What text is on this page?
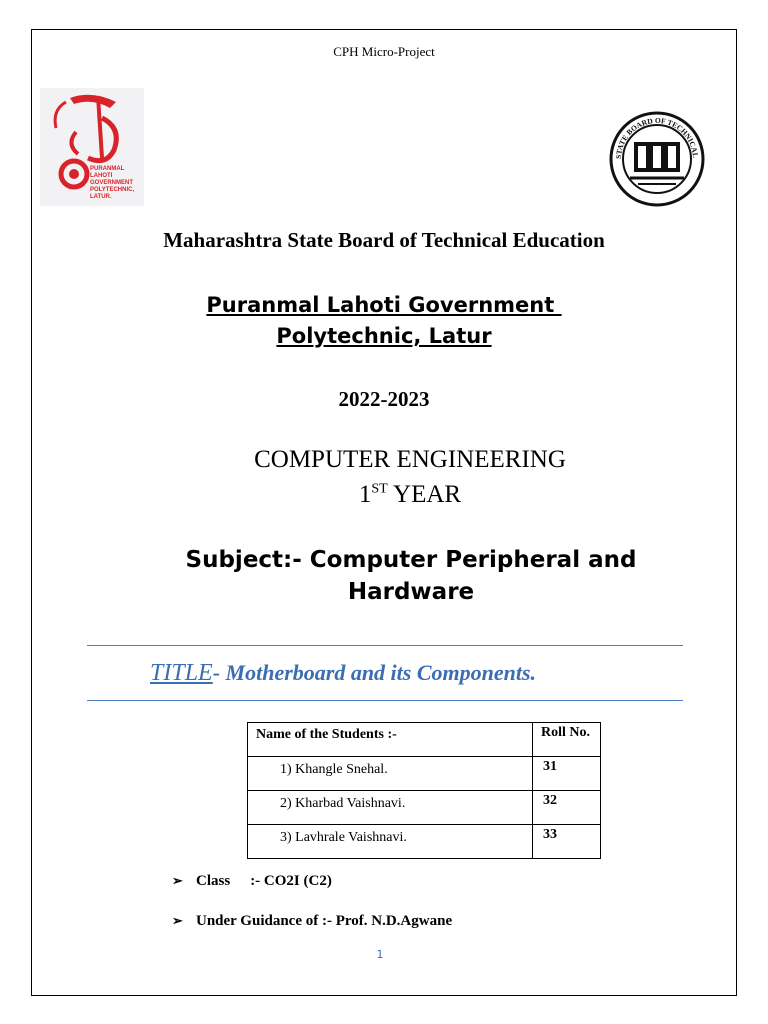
CPH Micro-Project
PURANMAL
LAHOTI
GOVERNMENT
POLYTECHNIC,
LATUR.
STATE BOARD OF TECHNICAL
Maharashtra State Board of Technical Education
Puranmal Lahoti Government
Polytechnic, Latur
2022-2023
COMPUTER ENGINEERING
1ST YEAR
Subject:- Computer Peripheral and
Hardware
TITLE- Motherboard and its Components.
Name of the Students :-	Roll No.
1) Khangle Snehal.	31
2) Kharbad Vaishnavi.	32
3) Lavhrale Vaishnavi.	33
➢ Class :- CO2I (C2)
➢ Under Guidance of :- Prof. N.D.Agwane
1
